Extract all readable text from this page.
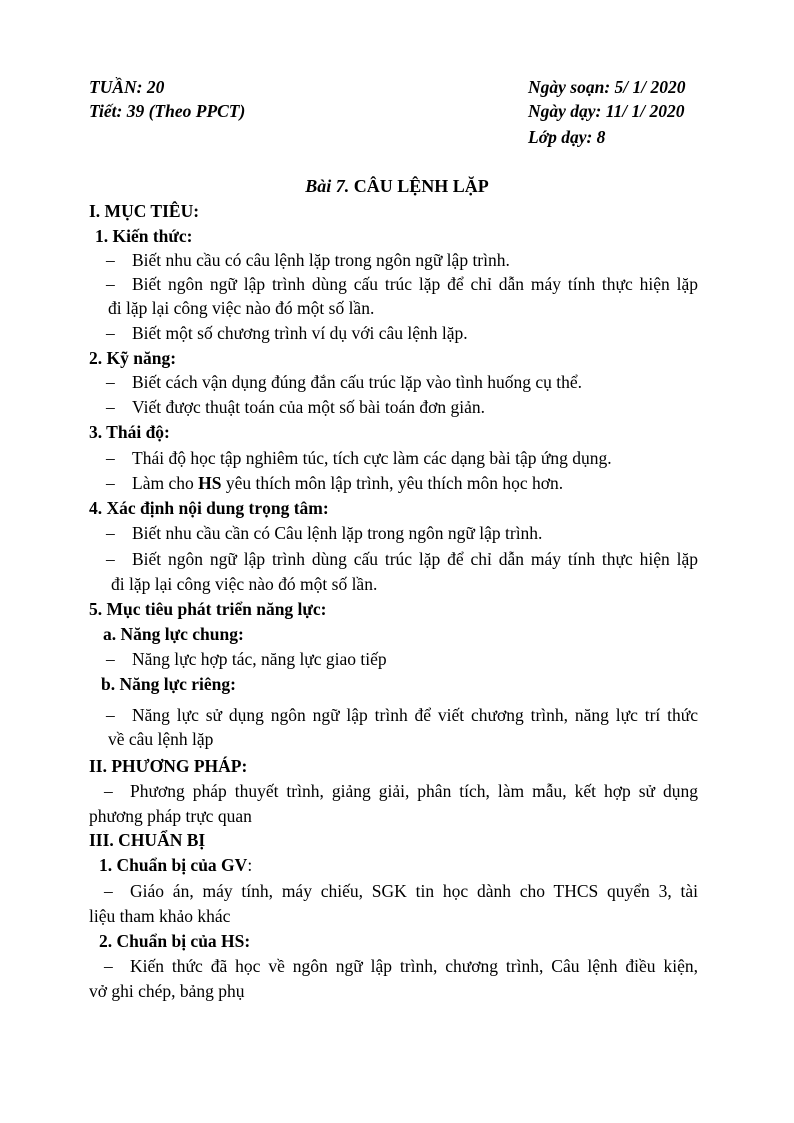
TUẦN: 20
Tiết: 39 (Theo PPCT)
Ngày soạn: 5/ 1/ 2020
Ngày dạy: 11/ 1/ 2020
Lớp dạy: 8
Bài 7. CÂU LỆNH LẶP
I. MỤC TIÊU:
1. Kiến thức:
– Biết nhu cầu có câu lệnh lặp trong ngôn ngữ lập trình.
– Biết ngôn ngữ lập trình dùng cấu trúc lặp để chỉ dẫn máy tính thực hiện lặp
đi lặp lại công việc nào đó một số lần.
– Biết một số chương trình ví dụ với câu lệnh lặp.
2. Kỹ năng:
– Biết cách vận dụng đúng đắn cấu trúc lặp vào tình huống cụ thể.
– Viết được thuật toán của một số bài toán đơn giản.
3. Thái độ:
– Thái độ học tập nghiêm túc, tích cực làm các dạng bài tập ứng dụng.
– Làm cho HS yêu thích môn lập trình, yêu thích môn học hơn.
4. Xác định nội dung trọng tâm:
– Biết nhu cầu cần có Câu lệnh lặp trong ngôn ngữ lập trình.
– Biết ngôn ngữ lập trình dùng cấu trúc lặp để chỉ dẫn máy tính thực hiện lặp
đi lặp lại công việc nào đó một số lần.
5. Mục tiêu phát triển năng lực:
a. Năng lực chung:
– Năng lực hợp tác, năng lực giao tiếp
b. Năng lực riêng:
– Năng lực sử dụng ngôn ngữ lập trình để viết chương trình, năng lực trí thức
về câu lệnh lặp
II. PHƯƠNG PHÁP:
– Phương pháp thuyết trình, giảng giải, phân tích, làm mẫu, kết hợp sử dụng
phương pháp trực quan
III. CHUẨN BỊ
1. Chuẩn bị của GV:
– Giáo án, máy tính, máy chiếu, SGK tin học dành cho THCS quyển 3, tài
liệu tham khảo khác
2. Chuẩn bị của HS:
– Kiến thức đã học về ngôn ngữ lập trình, chương trình, Câu lệnh điều kiện,
vở ghi chép, bảng phụ
